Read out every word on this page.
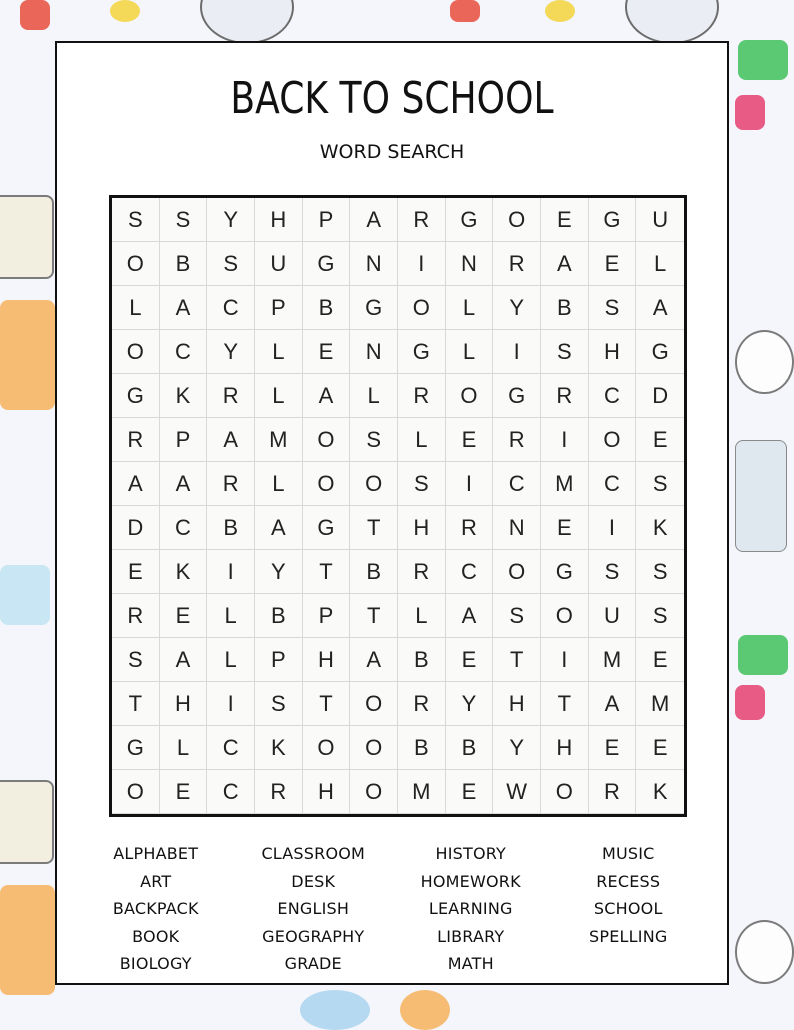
BACK TO SCHOOL
WORD SEARCH
S	S	Y	H	P	A	R	G	O	E	G	U
O	B	S	U	G	N	I	N	R	A	E	L
L	A	C	P	B	G	O	L	Y	B	S	A
O	C	Y	L	E	N	G	L	I	S	H	G
G	K	R	L	A	L	R	O	G	R	C	D
R	P	A	M	O	S	L	E	R	I	O	E
A	A	R	L	O	O	S	I	C	M	C	S
D	C	B	A	G	T	H	R	N	E	I	K
E	K	I	Y	T	B	R	C	O	G	S	S
R	E	L	B	P	T	L	A	S	O	U	S
S	A	L	P	H	A	B	E	T	I	M	E
T	H	I	S	T	O	R	Y	H	T	A	M
G	L	C	K	O	O	B	B	Y	H	E	E
O	E	C	R	H	O	M	E	W	O	R	K
ALPHABET
ART
BACKPACK
BOOK
BIOLOGY
CLASSROOM
DESK
ENGLISH
GEOGRAPHY
GRADE
HISTORY
HOMEWORK
LEARNING
LIBRARY
MATH
MUSIC
RECESS
SCHOOL
SPELLING
